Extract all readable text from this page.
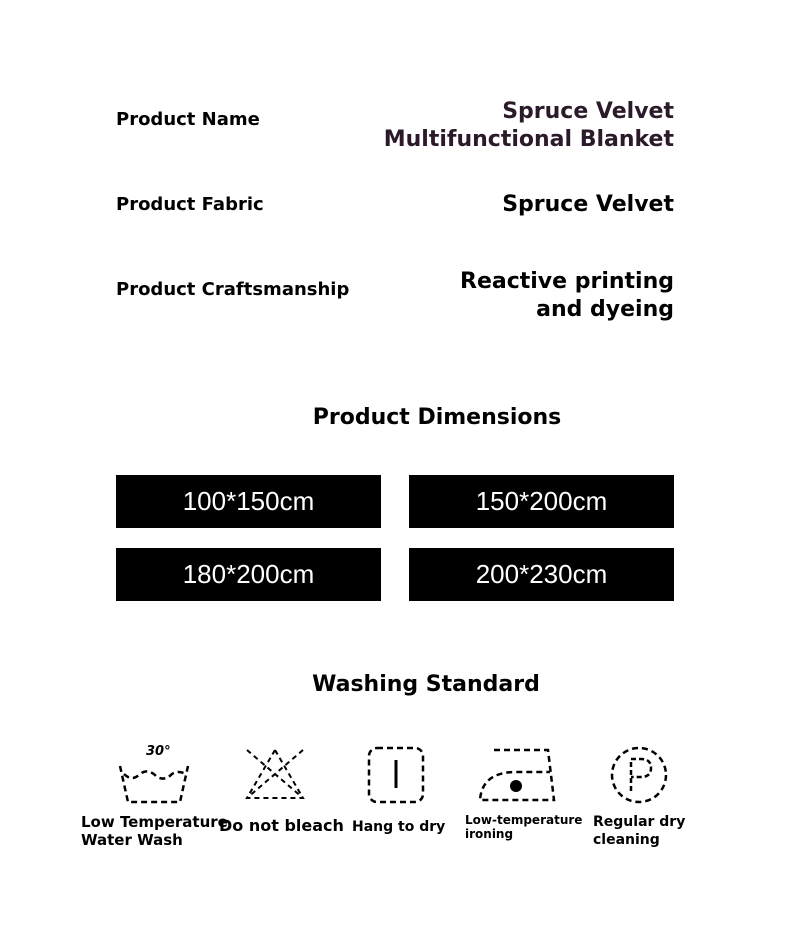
Product Name	Spruce Velvet
Multifunctional Blanket
Product Fabric	Spruce Velvet
Product Craftsmanship	Reactive printing
and dyeing
Product Dimensions
100*150cm	150*200cm
180*200cm	200*230cm
Washing Standard
30°
Low Temperature
Water Wash
Do not bleach Hang to dry Low-temperature
ironing
Regular dry
cleaning
